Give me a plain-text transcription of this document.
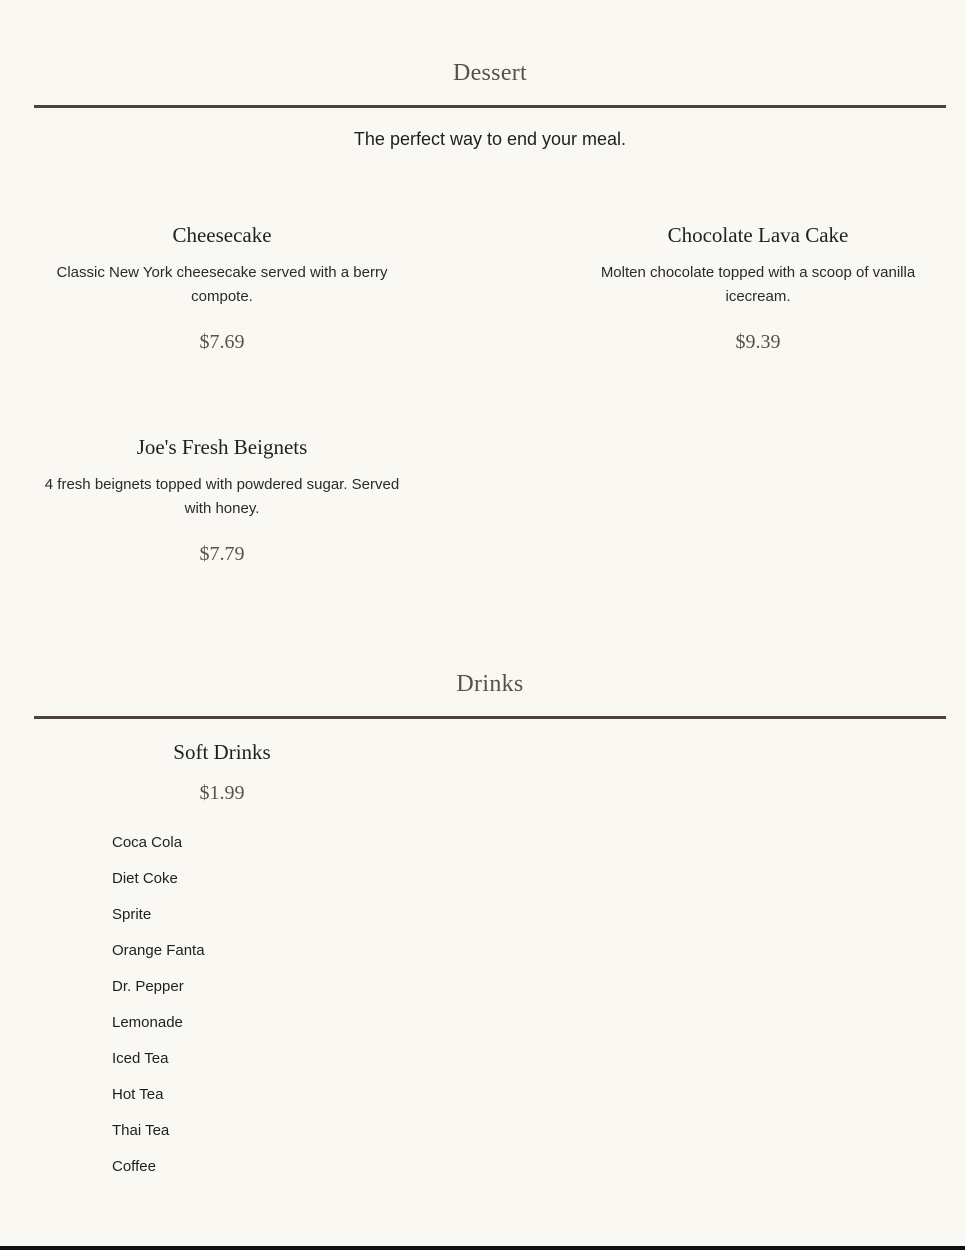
Dessert
The perfect way to end your meal.
Cheesecake
Classic New York cheesecake served with a berry compote.
$7.69
Chocolate Lava Cake
Molten chocolate topped with a scoop of vanilla icecream.
$9.39
Joe's Fresh Beignets
4 fresh beignets topped with powdered sugar. Served with honey.
$7.79
Drinks
Soft Drinks
$1.99
Coca Cola
Diet Coke
Sprite
Orange Fanta
Dr. Pepper
Lemonade
Iced Tea
Hot Tea
Thai Tea
Coffee
